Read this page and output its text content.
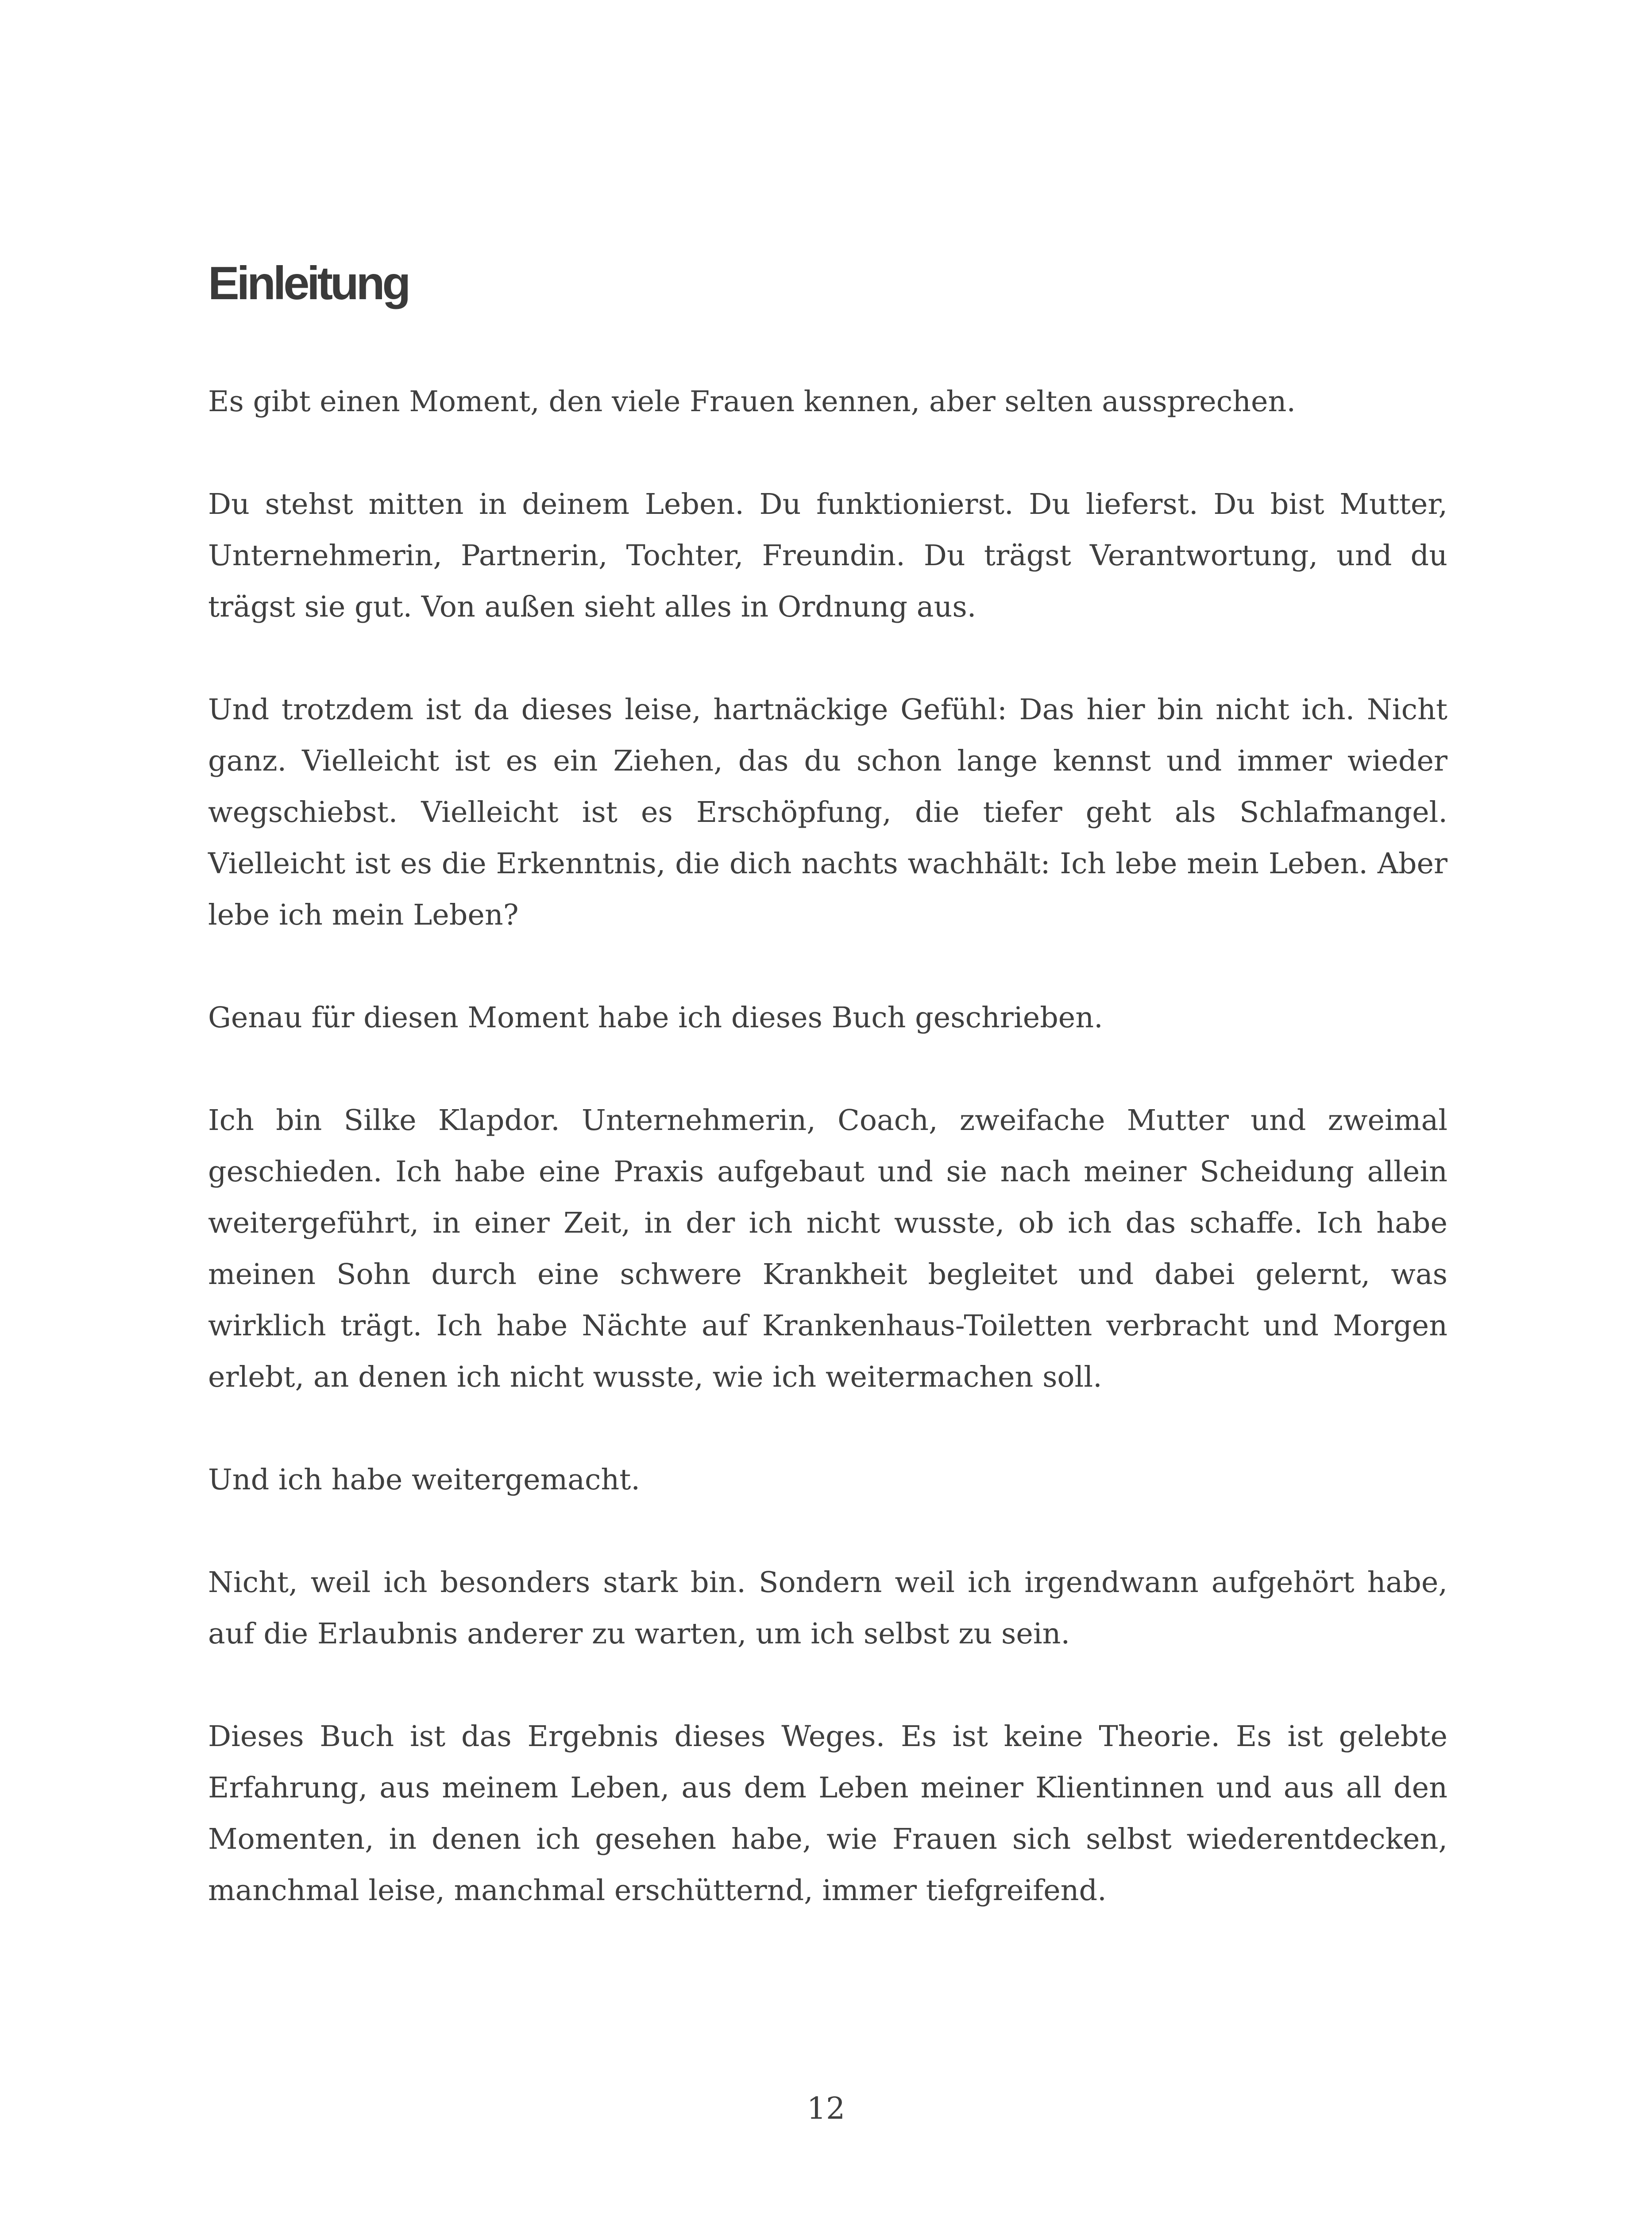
Einleitung

Es gibt einen Moment, den viele Frauen kennen, aber selten aussprechen.

Du stehst mitten in deinem Leben. Du funktionierst. Du lieferst. Du bist Mutter, Unternehmerin, Partnerin, Tochter, Freundin. Du trägst Verantwortung, und du trägst sie gut. Von außen sieht alles in Ordnung aus.

Und trotzdem ist da dieses leise, hartnäckige Gefühl: Das hier bin nicht ich. Nicht ganz. Vielleicht ist es ein Ziehen, das du schon lange kennst und immer wieder wegschiebst. Vielleicht ist es Erschöpfung, die tiefer geht als Schlafmangel. Vielleicht ist es die Erkenntnis, die dich nachts wachhält: Ich lebe mein Leben. Aber lebe ich mein Leben?

Genau für diesen Moment habe ich dieses Buch geschrieben.

Ich bin Silke Klapdor. Unternehmerin, Coach, zweifache Mutter und zweimal geschieden. Ich habe eine Praxis aufgebaut und sie nach meiner Scheidung allein weitergeführt, in einer Zeit, in der ich nicht wusste, ob ich das schaffe. Ich habe meinen Sohn durch eine schwere Krankheit begleitet und dabei gelernt, was wirklich trägt. Ich habe Nächte auf Krankenhaus-Toiletten verbracht und Morgen erlebt, an denen ich nicht wusste, wie ich weitermachen soll.

Und ich habe weitergemacht.

Nicht, weil ich besonders stark bin. Sondern weil ich irgendwann aufgehört habe, auf die Erlaubnis anderer zu warten, um ich selbst zu sein.

Dieses Buch ist das Ergebnis dieses Weges. Es ist keine Theorie. Es ist gelebte Erfahrung, aus meinem Leben, aus dem Leben meiner Klientinnen und aus all den Momenten, in denen ich gesehen habe, wie Frauen sich selbst wiederentdecken, manchmal leise, manchmal erschütternd, immer tiefgreifend.

12
